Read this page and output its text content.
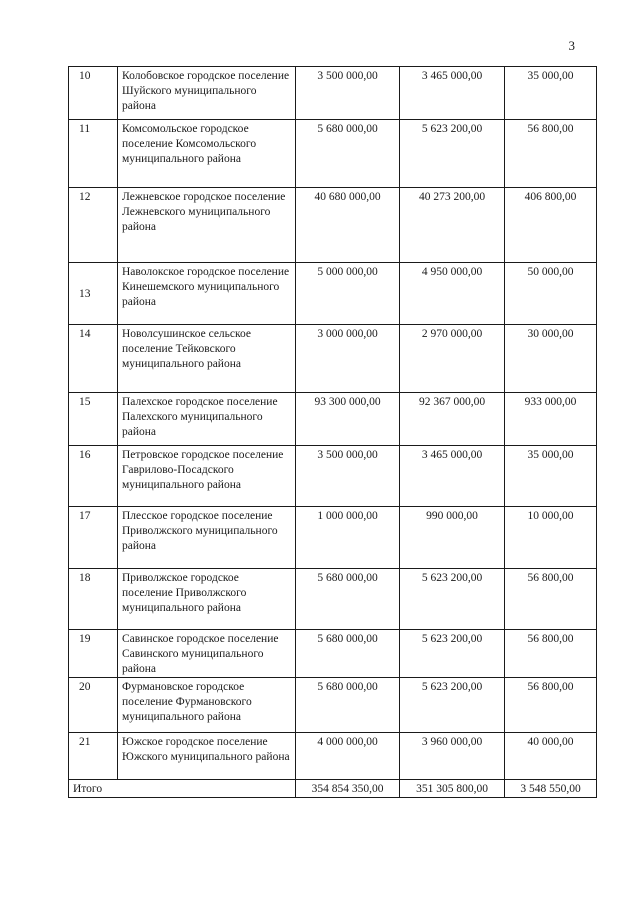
3
10	Колобовское городское поселение Шуйского муниципального района	3 500 000,00	3 465 000,00	35 000,00
11	Комсомольское городское поселение Комсомольского муниципального района	5 680 000,00	5 623 200,00	56 800,00
12	Лежневское городское поселение Лежневского муниципального района	40 680 000,00	40 273 200,00	406 800,00
13	Наволокское городское поселение Кинешемского муниципального района	5 000 000,00	4 950 000,00	50 000,00
14	Новолсушинское сельское поселение Тейковского муниципального района	3 000 000,00	2 970 000,00	30 000,00
15	Палехское городское поселение Палехского муниципального района	93 300 000,00	92 367 000,00	933 000,00
16	Петровское городское поселение Гаврилово-Посадского муниципального района	3 500 000,00	3 465 000,00	35 000,00
17	Плесское городское поселение Приволжского муниципального района	1 000 000,00	990 000,00	10 000,00
18	Приволжское городское поселение Приволжского муниципального района	5 680 000,00	5 623 200,00	56 800,00
19	Савинское городское поселение Савинского муниципального района	5 680 000,00	5 623 200,00	56 800,00
20	Фурмановское городское поселение Фурмановского муниципального района	5 680 000,00	5 623 200,00	56 800,00
21	Южское городское поселение Южского муниципального района	4 000 000,00	3 960 000,00	40 000,00
Итого		354 854 350,00	351 305 800,00	3 548 550,00
